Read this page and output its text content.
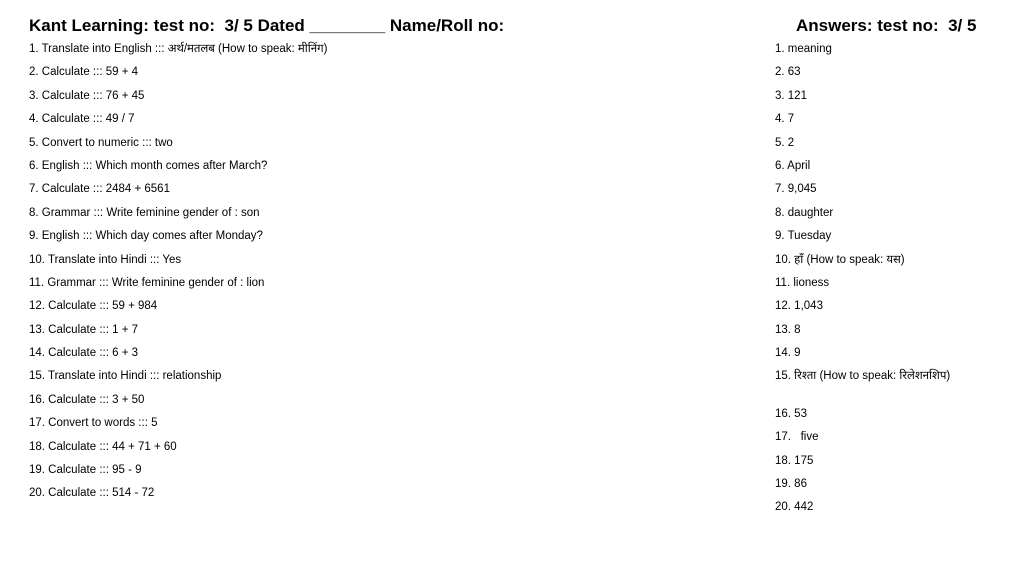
Kant Learning: test no:  3/ 5 Dated ________ Name/Roll no:	Answers: test no:  3/ 5
1. Translate into English ::: अर्थ/मतलब (How to speak: मीनिंग)
2. Calculate ::: 59 + 4
3. Calculate ::: 76 + 45
4. Calculate ::: 49 / 7
5. Convert to numeric ::: two
6. English ::: Which month comes after March?
7. Calculate ::: 2484 + 6561
8. Grammar ::: Write feminine gender of : son
9. English ::: Which day comes after Monday?
10. Translate into Hindi ::: Yes
11. Grammar ::: Write feminine gender of : lion
12. Calculate ::: 59 + 984
13. Calculate ::: 1 + 7
14. Calculate ::: 6 + 3
15. Translate into Hindi ::: relationship
16. Calculate ::: 3 + 50
17. Convert to words ::: 5
18. Calculate ::: 44 + 71 + 60
19. Calculate ::: 95 - 9
20. Calculate ::: 514 - 72
1. meaning
2. 63
3. 121
4. 7
5. 2
6. April
7. 9,045
8. daughter
9. Tuesday
10. हाँ (How to speak: यस)
11. lioness
12. 1,043
13. 8
14. 9
15. रिश्ता (How to speak: रिलेशनशिप)
16. 53
17.   five
18. 175
19. 86
20. 442
